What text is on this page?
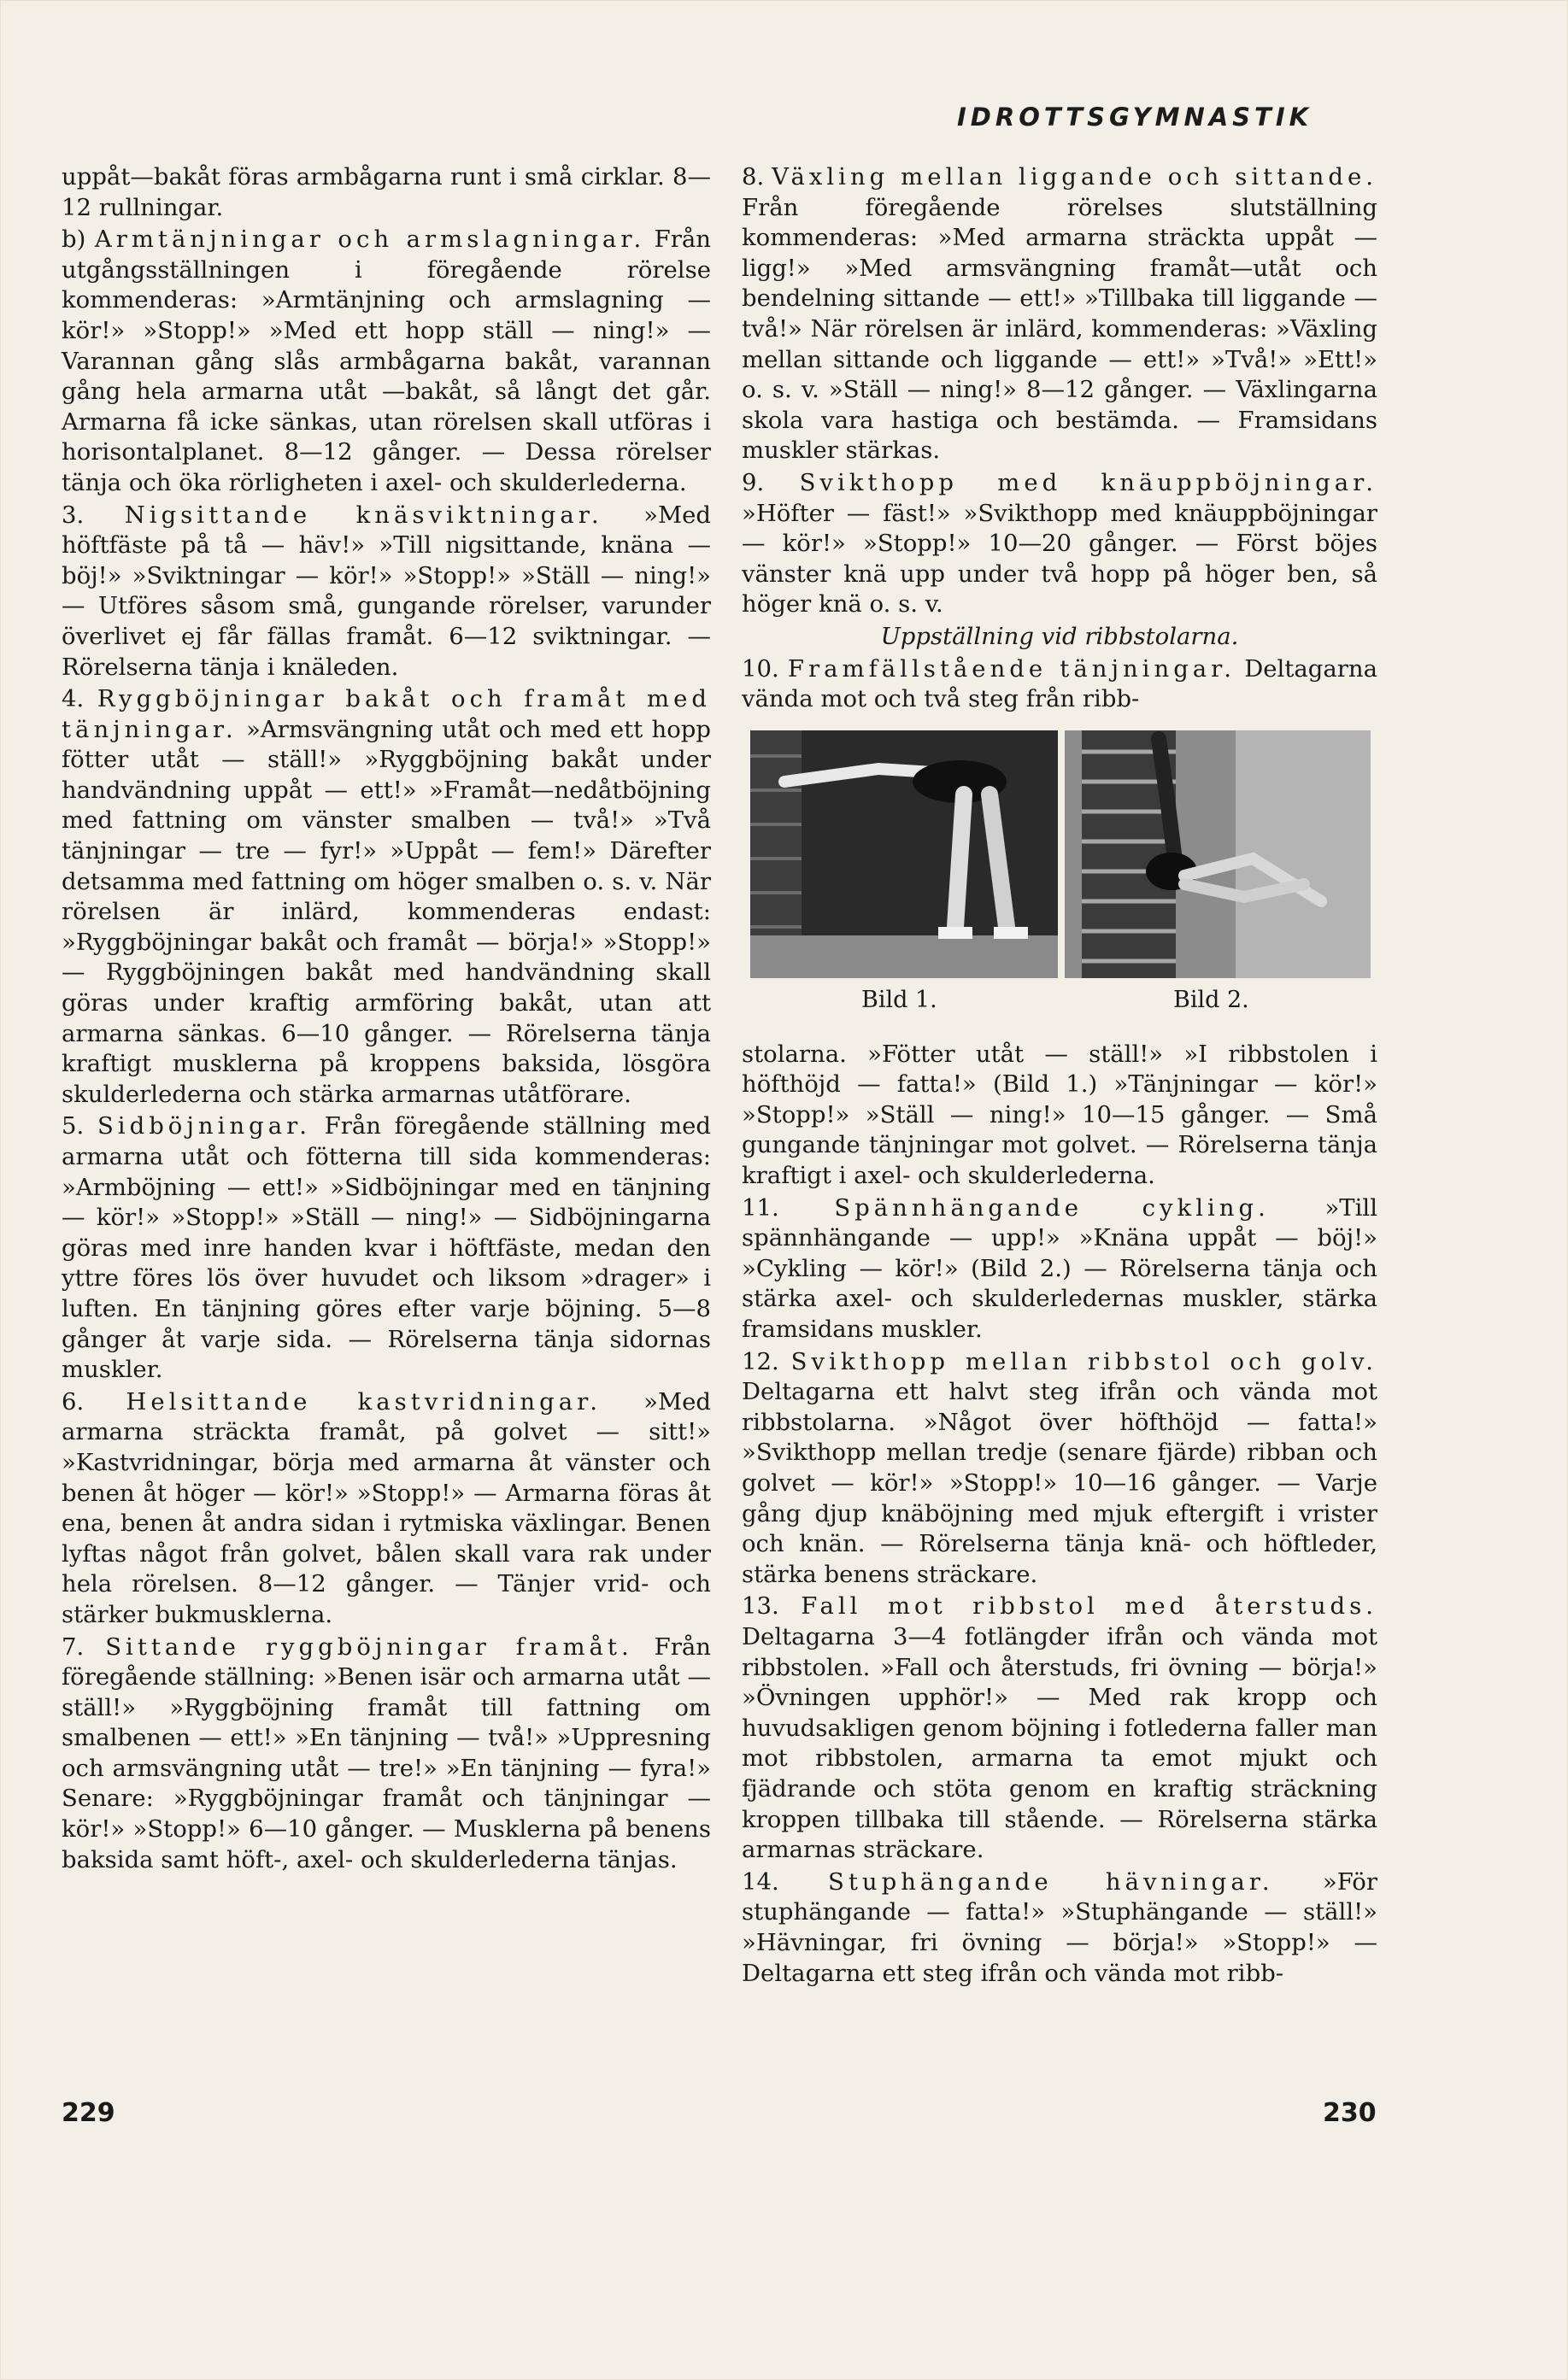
IDROTTSGYMNASTIK

uppåt—bakåt föras armbågarna runt i små cirklar. 8—12 rullningar.

b) Armtänjningar och armslagningar. Från utgångsställningen i föregående rörelse kommenderas: »Armtänjning och armslagning — kör!» »Stopp!» »Med ett hopp ställ — ning!» — Varannan gång slås armbågarna bakåt, varannan gång hela armarna utåt —bakåt, så långt det går. Armarna få icke sänkas, utan rörelsen skall utföras i horisontalplanet. 8—12 gånger. — Dessa rörelser tänja och öka rörligheten i axel- och skulderlederna.

3. Nigsittande knäsviktningar. »Med höftfäste på tå — häv!» »Till nigsittande, knäna — böj!» »Sviktningar — kör!» »Stopp!» »Ställ — ning!» — Utföres såsom små, gungande rörelser, varunder överlivet ej får fällas framåt. 6—12 sviktningar. — Rörelserna tänja i knäleden.

4. Ryggböjningar bakåt och framåt med tänjningar. »Armsvängning utåt och med ett hopp fötter utåt — ställ!» »Ryggböjning bakåt under handvändning uppåt — ett!» »Framåt—nedåtböjning med fattning om vänster smalben — två!» »Två tänjningar — tre — fyr!» »Uppåt — fem!» Därefter detsamma med fattning om höger smalben o. s. v. När rörelsen är inlärd, kommenderas endast: »Ryggböjningar bakåt och framåt — börja!» »Stopp!» — Ryggböjningen bakåt med handvändning skall göras under kraftig armföring bakåt, utan att armarna sänkas. 6—10 gånger. — Rörelserna tänja kraftigt musklerna på kroppens baksida, lösgöra skulderlederna och stärka armarnas utåtförare.

5. Sidböjningar. Från föregående ställning med armarna utåt och fötterna till sida kommenderas: »Armböjning — ett!» »Sidböjningar med en tänjning — kör!» »Stopp!» »Ställ — ning!» — Sidböjningarna göras med inre handen kvar i höftfäste, medan den yttre föres lös över huvudet och liksom »drager» i luften. En tänjning göres efter varje böjning. 5—8 gånger åt varje sida. — Rörelserna tänja sidornas muskler.

6. Helsittande kastvridningar. »Med armarna sträckta framåt, på golvet — sitt!» »Kastvridningar, börja med armarna åt vänster och benen åt höger — kör!» »Stopp!» — Armarna föras åt ena, benen åt andra sidan i rytmiska växlingar. Benen lyftas något från golvet, bålen skall vara rak under hela rörelsen. 8—12 gånger. — Tänjer vrid- och stärker bukmusklerna.

7. Sittande ryggböjningar framåt. Från föregående ställning: »Benen isär och armarna utåt — ställ!» »Ryggböjning framåt till fattning om smalbenen — ett!» »En tänjning — två!» »Uppresning och armsvängning utåt — tre!» »En tänjning — fyra!» Senare: »Ryggböjningar framåt och tänjningar — kör!» »Stopp!» 6—10 gånger. — Musklerna på benens baksida samt höft-, axel- och skulderlederna tänjas.

8. Växling mellan liggande och sittande. Från föregående rörelses slutställning kommenderas: »Med armarna sträckta uppåt — ligg!» »Med armsvängning framåt—utåt och bendelning sittande — ett!» »Tillbaka till liggande — två!» När rörelsen är inlärd, kommenderas: »Växling mellan sittande och liggande — ett!» »Två!» »Ett!» o. s. v. »Ställ — ning!» 8—12 gånger. — Växlingarna skola vara hastiga och bestämda. — Framsidans muskler stärkas.

9. Svikthopp med knäuppböjningar. »Höfter — fäst!» »Svikthopp med knäuppböjningar — kör!» »Stopp!» 10—20 gånger. — Först böjes vänster knä upp under två hopp på höger ben, så höger knä o. s. v.

Uppställning vid ribbstolarna.

10. Framfällstående tänjningar. Deltagarna vända mot och två steg från ribb-

Bild 1.	Bild 2.

stolarna. »Fötter utåt — ställ!» »I ribbstolen i höfthöjd — fatta!» (Bild 1.) »Tänjningar — kör!» »Stopp!» »Ställ — ning!» 10—15 gånger. — Små gungande tänjningar mot golvet. — Rörelserna tänja kraftigt i axel- och skulderlederna.

11. Spännhängande cykling. »Till spännhängande — upp!» »Knäna uppåt — böj!» »Cykling — kör!» (Bild 2.) — Rörelserna tänja och stärka axel- och skulderledernas muskler, stärka framsidans muskler.

12. Svikthopp mellan ribbstol och golv. Deltagarna ett halvt steg ifrån och vända mot ribbstolarna. »Något över höfthöjd — fatta!» »Svikthopp mellan tredje (senare fjärde) ribban och golvet — kör!» »Stopp!» 10—16 gånger. — Varje gång djup knäböjning med mjuk eftergift i vrister och knän. — Rörelserna tänja knä- och höftleder, stärka benens sträckare.

13. Fall mot ribbstol med återstuds. Deltagarna 3—4 fotlängder ifrån och vända mot ribbstolen. »Fall och återstuds, fri övning — börja!» »Övningen upphör!» — Med rak kropp och huvudsakligen genom böjning i fotlederna faller man mot ribbstolen, armarna ta emot mjukt och fjädrande och stöta genom en kraftig sträckning kroppen tillbaka till stående. — Rörelserna stärka armarnas sträckare.

14. Stuphängande hävningar. »För stuphängande — fatta!» »Stuphängande — ställ!» »Hävningar, fri övning — börja!» »Stopp!» — Deltagarna ett steg ifrån och vända mot ribb-

229	230
